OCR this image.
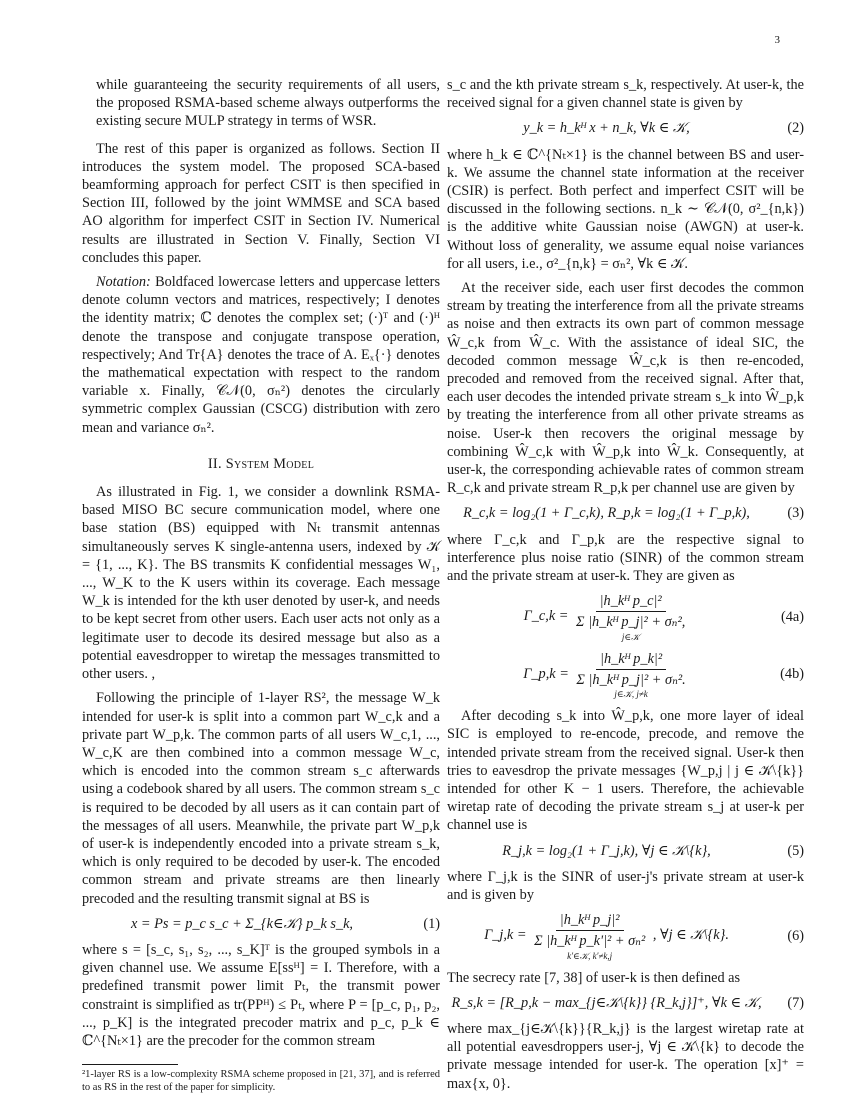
3

while guaranteeing the security requirements of all users, the proposed RSMA-based scheme always outperforms the existing secure MULP strategy in terms of WSR.

The rest of this paper is organized as follows. Section II introduces the system model. The proposed SCA-based beamforming approach for perfect CSIT is then specified in Section III, followed by the joint WMMSE and SCA based AO algorithm for imperfect CSIT in Section IV. Numerical results are illustrated in Section V. Finally, Section VI concludes this paper.

Notation: Boldfaced lowercase letters and uppercase letters denote column vectors and matrices, respectively; I denotes the identity matrix; ℂ denotes the complex set; (·)ᵀ and (·)ᴴ denote the transpose and conjugate transpose operation, respectively; And Tr{A} denotes the trace of A. Eₓ{·} denotes the mathematical expectation with respect to the random variable x. Finally, 𝒞𝒩(0, σₙ²) denotes the circularly symmetric complex Gaussian (CSCG) distribution with zero mean and variance σₙ².

II. System Model

As illustrated in Fig. 1, we consider a downlink RSMA-based MISO BC secure communication model, where one base station (BS) equipped with Nₜ transmit antennas simultaneously serves K single-antenna users, indexed by 𝒦 = {1, ..., K}. The BS transmits K confidential messages W₁, ..., W_K to the K users within its coverage. Each message W_k is intended for the kth user denoted by user-k, and needs to be kept secret from other users. Each user acts not only as a legitimate user to decode its desired message but also as a potential eavesdropper to wiretap the messages transmitted to other users. ,

Following the principle of 1-layer RS², the message W_k intended for user-k is split into a common part W_c,k and a private part W_p,k. The common parts of all users W_c,1, ..., W_c,K are then combined into a common message W_c, which is encoded into the common stream s_c afterwards using a codebook shared by all users. The common stream s_c is required to be decoded by all users as it can contain part of the messages of all users. Meanwhile, the private part W_p,k of user-k is independently encoded into a private stream s_k, which is only required to be decoded by user-k. The encoded common stream and private streams are then linearly precoded and the resulting transmit signal at BS is

x = Ps = p_c s_c + Σ_{k∈𝒦} p_k s_k,	(1)

where s = [s_c, s₁, s₂, ..., s_K]ᵀ is the grouped symbols in a given channel use. We assume E[ssᴴ] = I. Therefore, with a predefined transmit power limit Pₜ, the transmit power constraint is simplified as tr(PPᴴ) ≤ Pₜ, where P = [p_c, p₁, p₂, ..., p_K] is the integrated precoder matrix and p_c, p_k ∈ ℂ^{Nₜ×1} are the precoder for the common stream

²1-layer RS is a low-complexity RSMA scheme proposed in [21, 37], and is referred to as RS in the rest of the paper for simplicity.

s_c and the kth private stream s_k, respectively. At user-k, the received signal for a given channel state is given by

y_k = h_kᴴ x + n_k, ∀k ∈ 𝒦,	(2)

where h_k ∈ ℂ^{Nₜ×1} is the channel between BS and user-k. We assume the channel state information at the receiver (CSIR) is perfect. Both perfect and imperfect CSIT will be discussed in the following sections. n_k ∼ 𝒞𝒩(0, σ²_{n,k}) is the additive white Gaussian noise (AWGN) at user-k. Without loss of generality, we assume equal noise variances for all users, i.e., σ²_{n,k} = σₙ², ∀k ∈ 𝒦.

At the receiver side, each user first decodes the common stream by treating the interference from all the private streams as noise and then extracts its own part of common message Ŵ_c,k from Ŵ_c. With the assistance of ideal SIC, the decoded common message Ŵ_c,k is then re-encoded, precoded and removed from the received signal. After that, each user decodes the intended private stream s_k into Ŵ_p,k by treating the interference from all other private streams as noise. User-k then recovers the original message by combining Ŵ_c,k with Ŵ_p,k into Ŵ_k. Consequently, at user-k, the corresponding achievable rates of common stream R_c,k and private stream R_p,k per channel use are given by

R_c,k = log₂(1 + Γ_c,k), R_p,k = log₂(1 + Γ_p,k),	(3)

where Γ_c,k and Γ_p,k are the respective signal to interference plus noise ratio (SINR) of the common stream and the private stream at user-k. They are given as

Γ_c,k = |h_kᴴ p_c|²
Σ |h_kᴴ p_j|² + σₙ²,
j∈𝒦	(4a)
Γ_p,k = |h_kᴴ p_k|²
Σ |h_kᴴ p_j|² + σₙ².
j∈𝒦, j≠k	(4b)

After decoding s_k into Ŵ_p,k, one more layer of ideal SIC is employed to re-encode, precode, and remove the intended private stream from the received signal. User-k then tries to eavesdrop the private messages {W_p,j | j ∈ 𝒦\{k}} intended for other K − 1 users. Therefore, the achievable wiretap rate of decoding the private stream s_j at user-k per channel use is

R_j,k = log₂(1 + Γ_j,k), ∀j ∈ 𝒦\{k},	(5)

where Γ_j,k is the SINR of user-j's private stream at user-k and is given by

Γ_j,k = |h_kᴴ p_j|²
Σ |h_kᴴ p_k'|² + σₙ²
k'∈𝒦, k'≠k,j , ∀j ∈ 𝒦\{k}.	(6)

The secrecy rate [7, 38] of user-k is then defined as

R_s,k = [R_p,k − max_{j∈𝒦\{k}} {R_k,j}]⁺, ∀k ∈ 𝒦,	(7)

where max_{j∈𝒦\{k}}{R_k,j} is the largest wiretap rate at all potential eavesdroppers user-j, ∀j ∈ 𝒦\{k} to decode the private message intended for user-k. The operation [x]⁺ = max{x, 0}.
